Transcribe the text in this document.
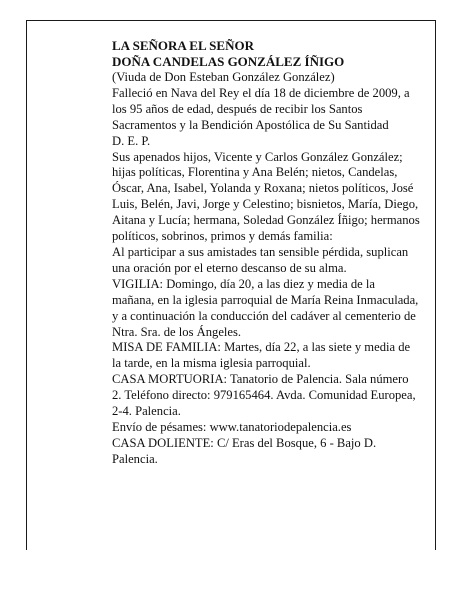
LA SEÑORA EL SEÑOR

DOÑA CANDELAS GONZÁLEZ ÍÑIGO

(Viuda de Don Esteban González González)

Falleció en Nava del Rey el día 18 de diciembre de 2009, a los 95 años de edad, después de recibir los Santos Sacramentos y la Bendición Apostólica de Su Santidad

D. E. P.

Sus apenados hijos, Vicente y Carlos González González; hijas políticas, Florentina y Ana Belén; nietos, Candelas, Óscar, Ana, Isabel, Yolanda y Roxana; nietos políticos, José Luis, Belén, Javi, Jorge y Celestino; bisnietos, María, Diego, Aitana y Lucía; hermana, Soledad González Íñigo; hermanos políticos, sobrinos, primos y demás familia:

Al participar a sus amistades tan sensible pérdida, suplican una oración por el eterno descanso de su alma.

VIGILIA: Domingo, día 20, a las diez y media de la mañana, en la iglesia parroquial de María Reina Inmaculada, y a continuación la conducción del cadáver al cementerio de Ntra. Sra. de los Ángeles.

MISA DE FAMILIA: Martes, día 22, a las siete y media de la tarde, en la misma iglesia parroquial.

CASA MORTUORIA: Tanatorio de Palencia. Sala número 2. Teléfono directo: 979165464. Avda. Comunidad Europea, 2-4. Palencia.

Envío de pésames: www.tanatoriodepalencia.es

CASA DOLIENTE: C/ Eras del Bosque, 6 - Bajo D. Palencia.
